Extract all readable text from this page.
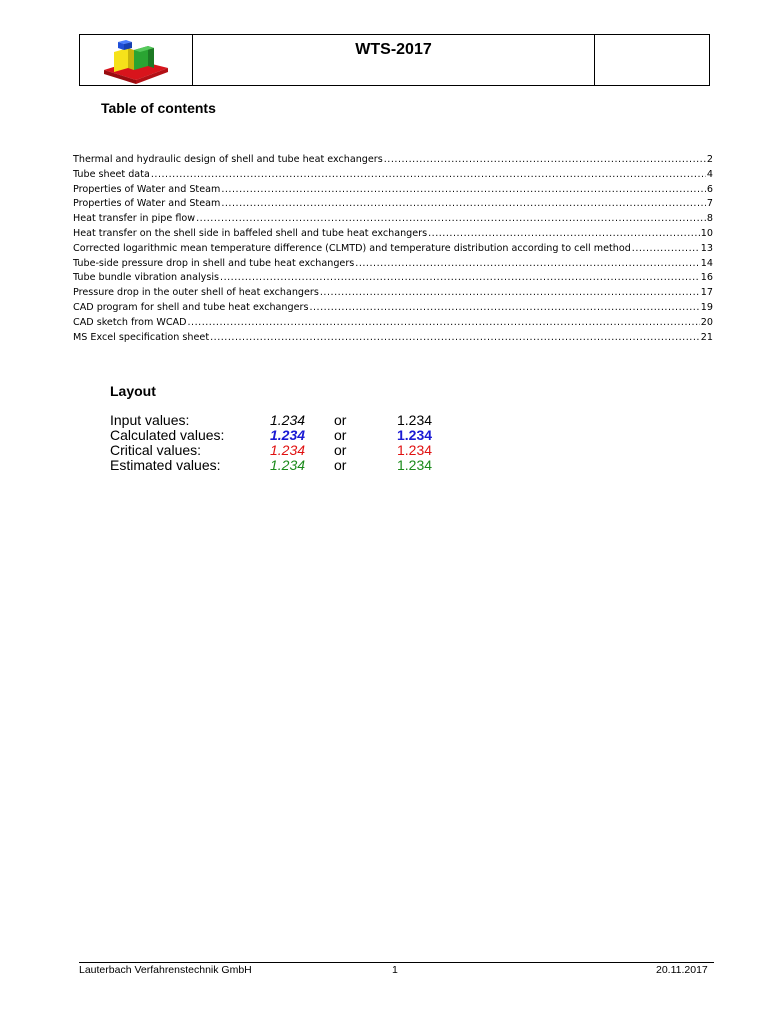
WTS-2017
Table of contents
Thermal and hydraulic design of shell and tube heat exchangers .....	2
Tube sheet data .....	4
Properties of Water and Steam .....	6
Properties of Water and Steam .....	7
Heat transfer in pipe flow .....	8
Heat transfer on the shell side in baffeled shell and tube heat exchangers .....	10
Corrected logarithmic mean temperature difference (CLMTD) and temperature distribution according to cell method .....	13
Tube-side pressure drop in shell and tube heat exchangers .....	14
Tube bundle vibration analysis .....	16
Pressure drop in the outer shell of heat exchangers .....	17
CAD program for shell and tube heat exchangers .....	19
CAD sketch from WCAD .....	20
MS Excel specification sheet .....	21
Layout
Input values:	1.234	or	1.234
Calculated values:	1.234	or	1.234
Critical values:	1.234	or	1.234
Estimated values:	1.234	or	1.234
Lauterbach Verfahrenstechnik GmbH	1	20.11.2017
